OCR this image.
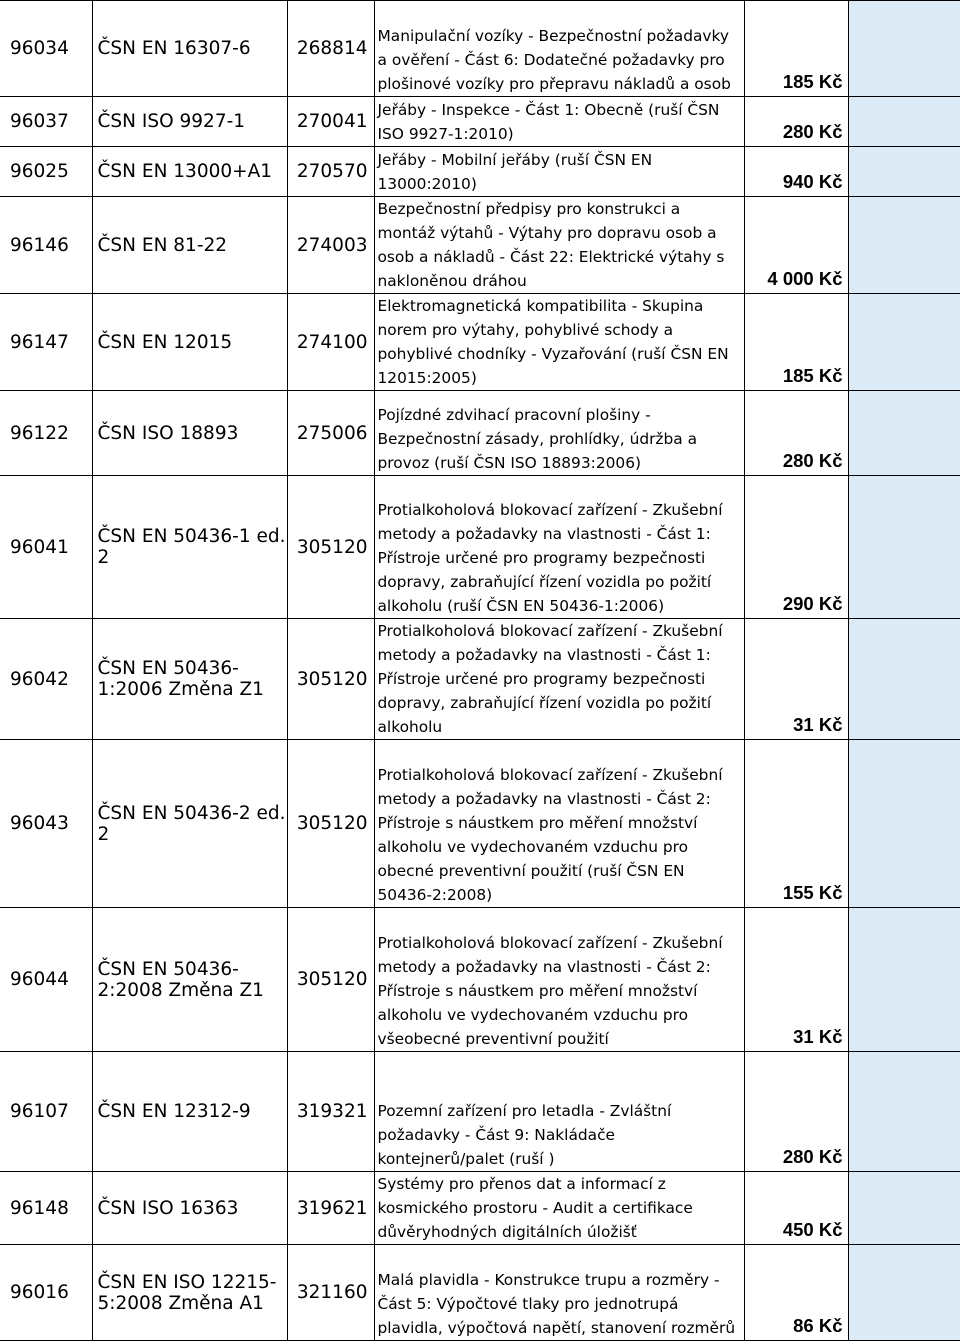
96034	ČSN EN 16307-6	268814	Manipulační vozíky - Bezpečnostní požadavky a ověření - Část 6: Dodatečné požadavky pro plošinové vozíky pro přepravu nákladů a osob	185 Kč	

96037	ČSN ISO 9927-1	270041	Jeřáby - Inspekce - Část 1: Obecně (ruší ČSN ISO 9927-1:2010)	280 Kč	

96025	ČSN EN 13000+A1	270570	Jeřáby - Mobilní jeřáby (ruší ČSN EN 13000:2010)	940 Kč	

96146	ČSN EN 81-22	274003	Bezpečnostní předpisy pro konstrukci a montáž výtahů - Výtahy pro dopravu osob a osob a nákladů - Část 22: Elektrické výtahy s nakloněnou dráhou	4 000 Kč	

96147	ČSN EN 12015	274100	Elektromagnetická kompatibilita - Skupina norem pro výtahy, pohyblivé schody a pohyblivé chodníky - Vyzařování (ruší ČSN EN 12015:2005)	185 Kč	

96122	ČSN ISO 18893	275006	Pojízdné zdvihací pracovní plošiny - Bezpečnostní zásady, prohlídky, údržba a provoz (ruší ČSN ISO 18893:2006)	280 Kč	

96041	ČSN EN 50436-1 ed. 2	305120	Protialkoholová blokovací zařízení - Zkušební metody a požadavky na vlastnosti - Část 1: Přístroje určené pro programy bezpečnosti dopravy, zabraňující řízení vozidla po požití alkoholu (ruší ČSN EN 50436-1:2006)	290 Kč	

96042	ČSN EN 50436-1:2006 Změna Z1	305120	Protialkoholová blokovací zařízení - Zkušební metody a požadavky na vlastnosti - Část 1: Přístroje určené pro programy bezpečnosti dopravy, zabraňující řízení vozidla po požití alkoholu	31 Kč	

96043	ČSN EN 50436-2 ed. 2	305120	Protialkoholová blokovací zařízení - Zkušební metody a požadavky na vlastnosti - Část 2: Přístroje s náustkem pro měření množství alkoholu ve vydechovaném vzduchu pro obecné preventivní použití (ruší ČSN EN 50436-2:2008)	155 Kč	

96044	ČSN EN 50436-2:2008 Změna Z1	305120	Protialkoholová blokovací zařízení - Zkušební metody a požadavky na vlastnosti - Část 2: Přístroje s náustkem pro měření množství alkoholu ve vydechovaném vzduchu pro všeobecné preventivní použití	31 Kč	

96107	ČSN EN 12312-9	319321	Pozemní zařízení pro letadla - Zvláštní požadavky - Část 9: Nakládače kontejnerů/palet (ruší )	280 Kč	

96148	ČSN ISO 16363	319621	Systémy pro přenos dat a informací z kosmického prostoru - Audit a certifikace důvěryhodných digitálních úložišť	450 Kč	

96016	ČSN EN ISO 12215-5:2008 Změna A1	321160	Malá plavidla - Konstrukce trupu a rozměry - Část 5: Výpočtové tlaky pro jednotrupá plavidla, výpočtová napětí, stanovení rozměrů	86 Kč	
